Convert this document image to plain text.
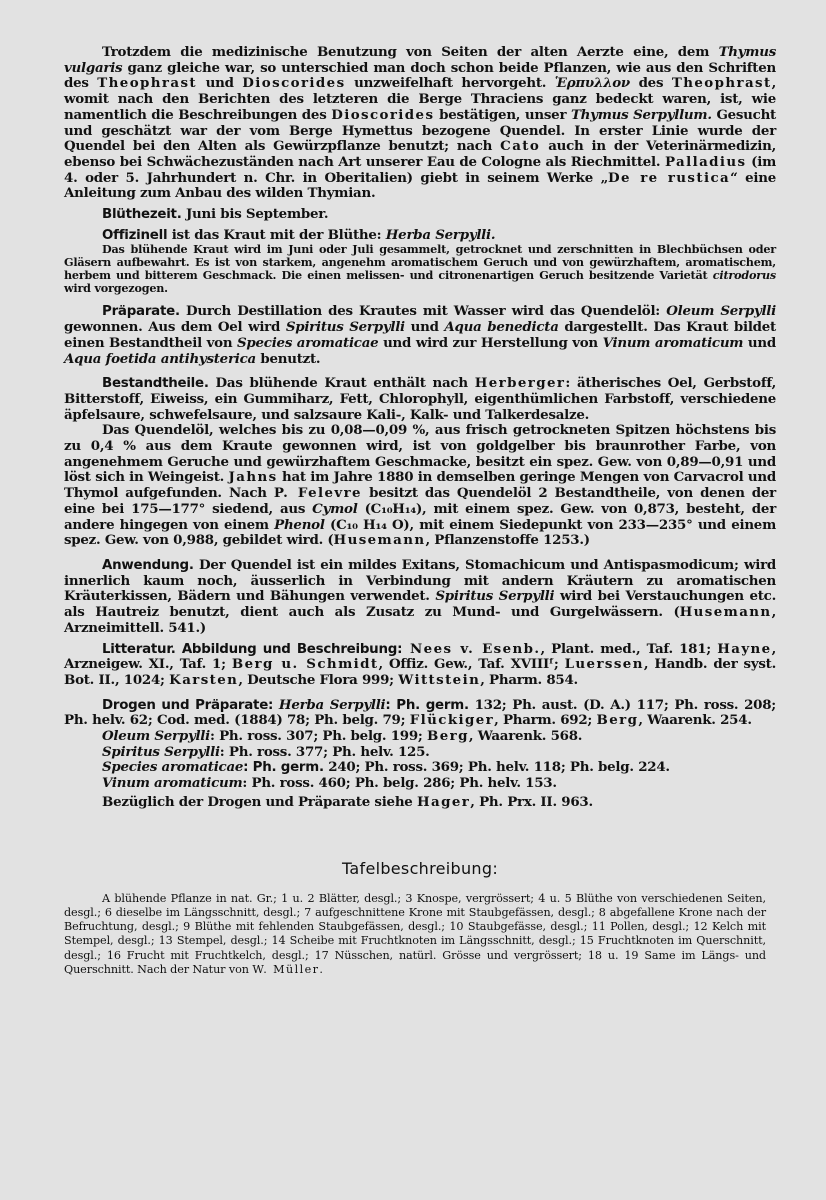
Trotzdem die medizinische Benutzung von Seiten der alten Aerzte eine, dem Thymus vulgaris ganz gleiche war, so unterschied man doch schon beide Pflanzen, wie aus den Schriften des Theophrast und Dioscorides unzweifelhaft hervorgeht. Ἑρπυλλον des Theophrast, womit nach den Berichten des letzteren die Berge Thraciens ganz bedeckt waren, ist, wie namentlich die Beschreibungen des Dioscorides bestätigen, unser Thymus Serpyllum. Gesucht und geschätzt war der vom Berge Hymettus bezogene Quendel. In erster Linie wurde der Quendel bei den Alten als Gewürzpflanze benutzt; nach Cato auch in der Veterinärmedizin, ebenso bei Schwächezuständen nach Art unserer Eau de Cologne als Riechmittel. Palladius (im 4. oder 5. Jahrhundert n. Chr. in Oberitalien) giebt in seinem Werke „De re rustica“ eine Anleitung zum Anbau des wilden Thymian.

Blüthezeit. Juni bis September.

Offizinell ist das Kraut mit der Blüthe: Herba Serpylli.

Das blühende Kraut wird im Juni oder Juli gesammelt, getrocknet und zerschnitten in Blechbüchsen oder Gläsern aufbewahrt. Es ist von starkem, angenehm aromatischem Geruch und von gewürzhaftem, aromatischem, herbem und bitterem Geschmack. Die einen melissen- und citronenartigen Geruch besitzende Varietät citrodorus wird vorgezogen.

Präparate. Durch Destillation des Krautes mit Wasser wird das Quendelöl: Oleum Serpylli gewonnen. Aus dem Oel wird Spiritus Serpylli und Aqua benedicta dargestellt. Das Kraut bildet einen Bestandtheil von Species aromaticae und wird zur Herstellung von Vinum aromaticum und Aqua foetida antihysterica benutzt.

Bestandtheile. Das blühende Kraut enthält nach Herberger: ätherisches Oel, Gerbstoff, Bitterstoff, Eiweiss, ein Gummiharz, Fett, Chlorophyll, eigenthümlichen Farbstoff, verschiedene äpfelsaure, schwefelsaure, und salzsaure Kali-, Kalk- und Talkerdesalze.

Das Quendelöl, welches bis zu 0,08—0,09 %, aus frisch getrockneten Spitzen höchstens bis zu 0,4 % aus dem Kraute gewonnen wird, ist von goldgelber bis braunrother Farbe, von angenehmem Geruche und gewürzhaftem Geschmacke, besitzt ein spez. Gew. von 0,89—0,91 und löst sich in Weingeist. Jahns hat im Jahre 1880 in demselben geringe Mengen von Carvacrol und Thymol aufgefunden. Nach P. Felevre besitzt das Quendelöl 2 Bestandtheile, von denen der eine bei 175—177° siedend, aus Cymol (C₁₀H₁₄), mit einem spez. Gew. von 0,873, besteht, der andere hingegen von einem Phenol (C₁₀ H₁₄ O), mit einem Siedepunkt von 233—235° und einem spez. Gew. von 0,988, gebildet wird. (Husemann, Pflanzenstoffe 1253.)

Anwendung. Der Quendel ist ein mildes Exitans, Stomachicum und Antispasmodicum; wird innerlich kaum noch, äusserlich in Verbindung mit andern Kräutern zu aromatischen Kräuterkissen, Bädern und Bähungen verwendet. Spiritus Serpylli wird bei Verstauchungen etc. als Hautreiz benutzt, dient auch als Zusatz zu Mund- und Gurgelwässern. (Husemann, Arzneimittell. 541.)

Litteratur. Abbildung und Beschreibung: Nees v. Esenb., Plant. med., Taf. 181; Hayne, Arzneigew. XI., Taf. 1; Berg u. Schmidt, Offiz. Gew., Taf. XVIIIᶠ; Luerssen, Handb. der syst. Bot. II., 1024; Karsten, Deutsche Flora 999; Wittstein, Pharm. 854.

Drogen und Präparate: Herba Serpylli: Ph. germ. 132; Ph. aust. (D. A.) 117; Ph. ross. 208; Ph. helv. 62; Cod. med. (1884) 78; Ph. belg. 79; Flückiger, Pharm. 692; Berg, Waarenk. 254.

Oleum Serpylli: Ph. ross. 307; Ph. belg. 199; Berg, Waarenk. 568.

Spiritus Serpylli: Ph. ross. 377; Ph. helv. 125.

Species aromaticae: Ph. germ. 240; Ph. ross. 369; Ph. helv. 118; Ph. belg. 224.

Vinum aromaticum: Ph. ross. 460; Ph. belg. 286; Ph. helv. 153.

Bezüglich der Drogen und Präparate siehe Hager, Ph. Prx. II. 963.

Tafelbeschreibung:

A blühende Pflanze in nat. Gr.; 1 u. 2 Blätter, desgl.; 3 Knospe, vergrössert; 4 u. 5 Blüthe von verschiedenen Seiten, desgl.; 6 dieselbe im Längsschnitt, desgl.; 7 aufgeschnittene Krone mit Staubgefässen, desgl.; 8 abgefallene Krone nach der Befruchtung, desgl.; 9 Blüthe mit fehlenden Staubgefässen, desgl.; 10 Staubgefässe, desgl.; 11 Pollen, desgl.; 12 Kelch mit Stempel, desgl.; 13 Stempel, desgl.; 14 Scheibe mit Fruchtknoten im Längsschnitt, desgl.; 15 Fruchtknoten im Querschnitt, desgl.; 16 Frucht mit Fruchtkelch, desgl.; 17 Nüsschen, natürl. Grösse und vergrössert; 18 u. 19 Same im Längs- und Querschnitt. Nach der Natur von W. Müller.
